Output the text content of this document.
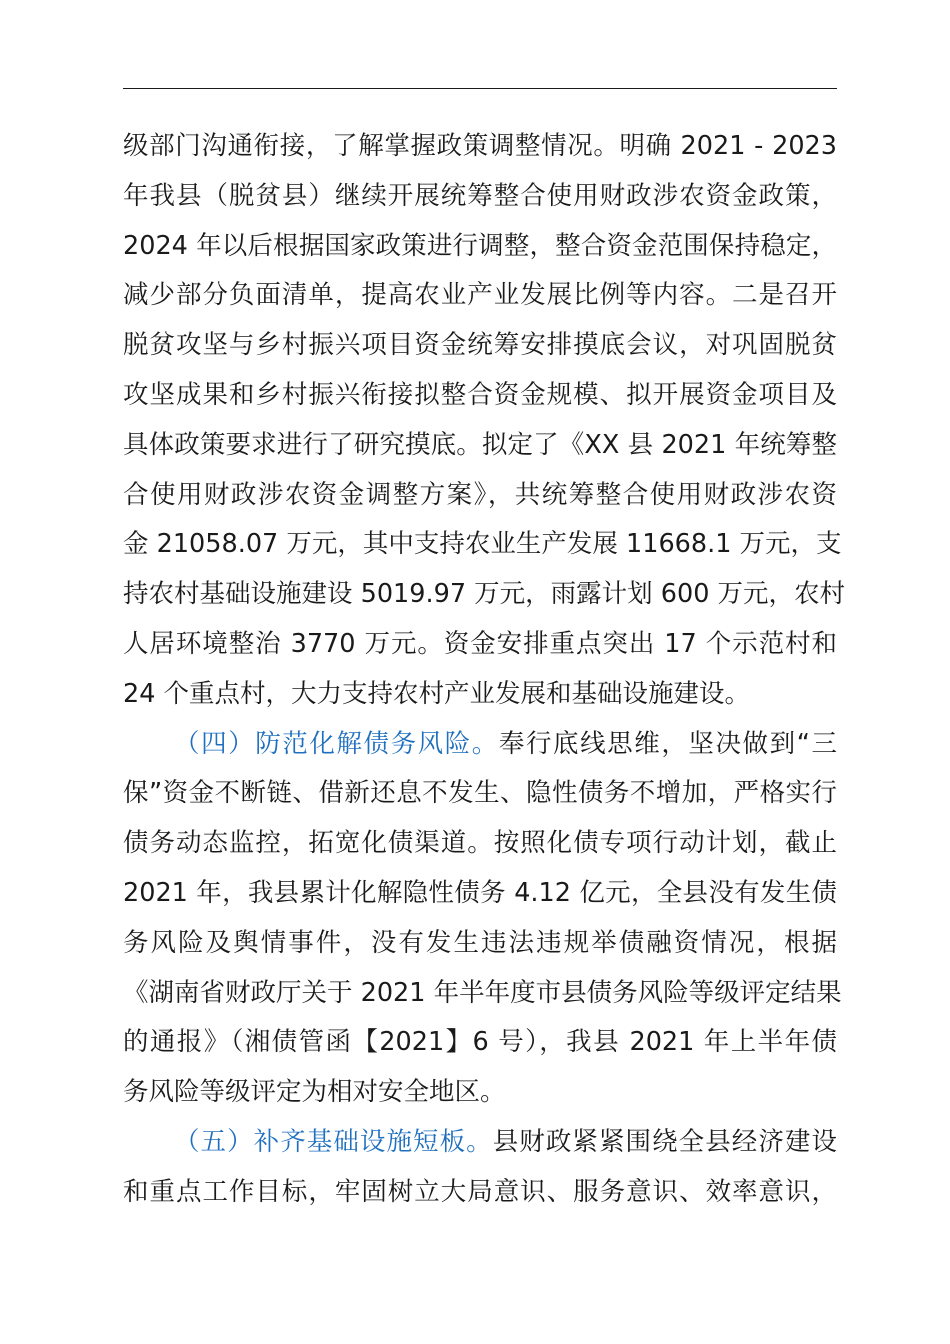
级部门沟通衔接，了解掌握政策调整情况。明确 2021 - 2023
年我县（脱贫县）继续开展统筹整合使用财政涉农资金政策，
2024 年以后根据国家政策进行调整，整合资金范围保持稳定，
减少部分负面清单，提高农业产业发展比例等内容。二是召开
脱贫攻坚与乡村振兴项目资金统筹安排摸底会议，对巩固脱贫
攻坚成果和乡村振兴衔接拟整合资金规模、拟开展资金项目及
具体政策要求进行了研究摸底。拟定了《XX 县 2021 年统筹整
合使用财政涉农资金调整方案》，共统筹整合使用财政涉农资
金 21058.07 万元，其中支持农业生产发展 11668.1 万元，支
持农村基础设施建设 5019.97 万元，雨露计划 600 万元，农村
人居环境整治 3770 万元。资金安排重点突出 17 个示范村和
24 个重点村，大力支持农村产业发展和基础设施建设。
（四）防范化解债务风险。奉行底线思维，坚决做到“三
保”资金不断链、借新还息不发生、隐性债务不增加，严格实行
债务动态监控，拓宽化债渠道。按照化债专项行动计划，截止
2021 年，我县累计化解隐性债务 4.12 亿元，全县没有发生债
务风险及舆情事件，没有发生违法违规举债融资情况，根据
《湖南省财政厅关于 2021 年半年度市县债务风险等级评定结果
的通报》（湘债管函【2021】6 号），我县 2021 年上半年债
务风险等级评定为相对安全地区。
（五）补齐基础设施短板。县财政紧紧围绕全县经济建设
和重点工作目标，牢固树立大局意识、服务意识、效率意识，
